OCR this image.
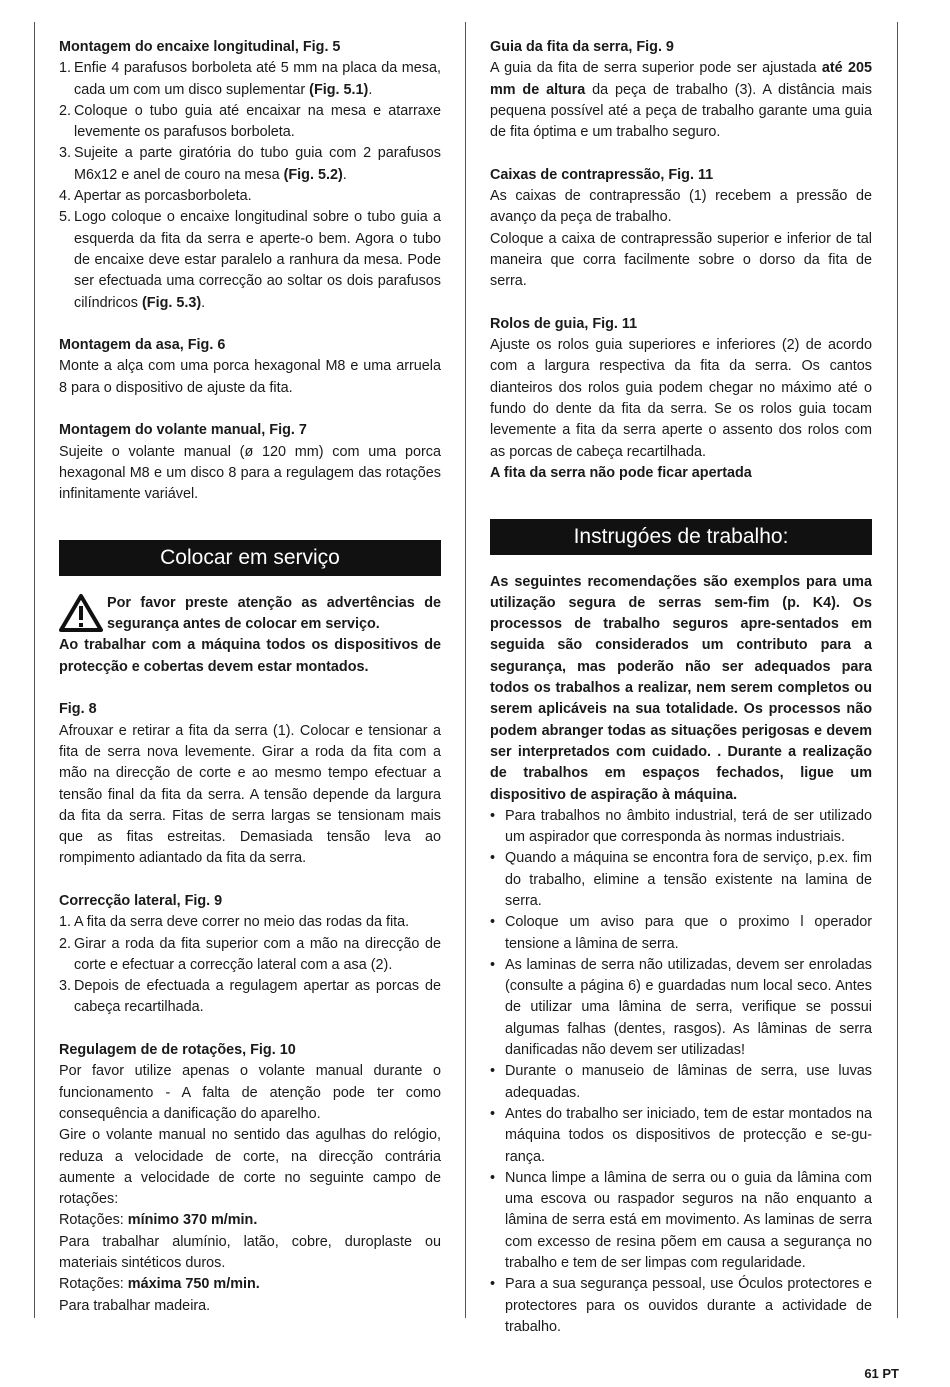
Montagem do encaixe longitudinal, Fig. 5
1. Enfie 4 parafusos borboleta até 5 mm na placa da mesa, cada um com um disco suplementar (Fig. 5.1).
2. Coloque o tubo guia até encaixar na mesa e atarraxe levemente os parafusos borboleta.
3. Sujeite a parte giratória do tubo guia com 2 parafusos M6x12 e anel de couro na mesa (Fig. 5.2).
4. Apertar as porcasborboleta.
5. Logo coloque o encaixe longitudinal sobre o tubo guia a esquerda da fita da serra e aperte-o bem. Agora o tubo de encaixe deve estar paralelo a ranhura da mesa. Pode ser efectuada uma correcção ao soltar os dois parafusos cilíndricos (Fig. 5.3).
Montagem da asa, Fig. 6

Monte a alça com uma porca hexagonal M8 e uma arruela 8 para o dispositivo de ajuste da fita.

Montagem do volante manual, Fig. 7

Sujeite o volante manual (ø 120 mm) com uma porca hexagonal M8 e um disco 8 para a regulagem das rotações infinitamente variável.

Colocar em serviço

Por favor preste atenção as advertências de segurança antes de colocar em serviço.

Ao trabalhar com a máquina todos os dispositivos de protecção e cobertas devem estar montados.

Fig. 8

Afrouxar e retirar a fita da serra (1). Colocar e tensionar a fita de serra nova levemente. Girar a roda da fita com a mão na direcção de corte e ao mesmo tempo efectuar a tensão final da fita da serra. A tensão depende da largura da fita da serra. Fitas de serra largas se tensionam mais que as fitas estreitas. Demasiada tensão leva ao rompimento adiantado da fita da serra.

Correcção lateral, Fig. 9
1. A fita da serra deve correr no meio das rodas da fita.
2. Girar a roda da fita superior com a mão na direcção de corte e efectuar a correcção lateral com a asa (2).
3. Depois de efectuada a regulagem apertar as porcas de cabeça recartilhada.
Regulagem de de rotações, Fig. 10

Por favor utilize apenas o volante manual durante o funcionamento - A falta de atenção pode ter como consequência a danificação do aparelho.

Gire o volante manual no sentido das agulhas do relógio, reduza a velocidade de corte, na direcção contrária aumente a velocidade de corte no seguinte campo de rotações:

Rotações: mínimo 370 m/min.

Para trabalhar alumínio, latão, cobre, duroplaste ou materiais sintéticos duros.

Rotações: máxima 750 m/min.

Para trabalhar madeira.

Guia da fita da serra, Fig. 9

A guia da fita de serra superior pode ser ajustada até 205 mm de altura da peça de trabalho (3). A distância mais pequena possível até a peça de trabalho garante uma guia de fita óptima e um trabalho seguro.

Caixas de contrapressão, Fig. 11

As caixas de contrapressão (1) recebem a pressão de avanço da peça de trabalho.

Coloque a caixa de contrapressão superior e inferior de tal maneira que corra facilmente sobre o dorso da fita de serra.

Rolos de guia, Fig. 11

Ajuste os rolos guia superiores e inferiores (2) de acordo com a largura respectiva da fita da serra. Os cantos dianteiros dos rolos guia podem chegar no máximo até o fundo do dente da fita da serra. Se os rolos guia tocam levemente a fita da serra aperte o assento dos rolos com as porcas de cabeça recartilhada.

A fita da serra não pode ficar apertada

Instrugóes de trabalho:

As seguintes recomendações são exemplos para uma utilização segura de serras sem-fim (p. K4). Os processos de trabalho seguros apre-sentados em seguida são considerados um contributo para a segurança, mas poderão não ser adequados para todos os trabalhos a realizar, nem serem completos ou serem aplicáveis na sua totalidade. Os processos não podem abranger todas as situações perigosas e devem ser interpretados com cuidado. . Durante a realização de trabalhos em espaços fechados, ligue um dispositivo de aspiração à máquina.

• Para trabalhos no âmbito industrial, terá de ser utilizado um aspirador que corresponda às normas industriais.
• Quando a máquina se encontra fora de serviço, p.ex. fim do trabalho, elimine a tensão existente na lamina de serra.
• Coloque um aviso para que o proximo l operador tensione a lâmina de serra.
• As laminas de serra não utilizadas, devem ser enroladas (consulte a página 6) e guardadas num local seco. Antes de utilizar uma lâmina de serra, verifique se possui algumas falhas (dentes, rasgos). As lâminas de serra danificadas não devem ser utilizadas!
• Durante o manuseio de lâminas de serra, use luvas adequadas.
• Antes do trabalho ser iniciado, tem de estar montados na máquina todos os dispositivos de protecção e se-gu-rança.
• Nunca limpe a lâmina de serra ou o guia da lâmina com uma escova ou raspador seguros na não enquanto a lâmina de serra está em movimento. As laminas de serra com excesso de resina põem em causa a segurança no trabalho e tem de ser limpas com regularidade.
• Para a sua segurança pessoal, use Óculos protectores e protectores para os ouvidos durante a actividade de trabalho.
61 PT
